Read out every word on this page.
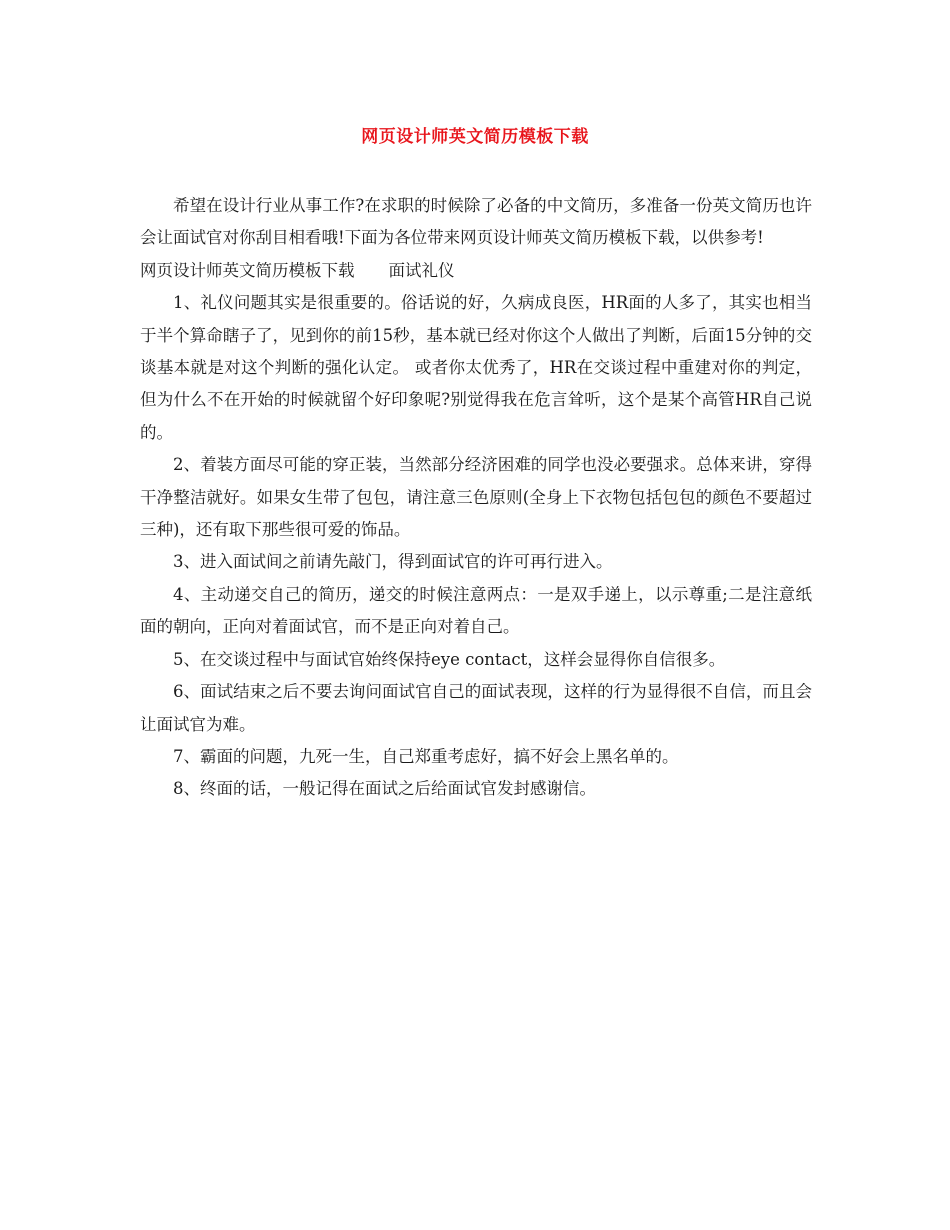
网页设计师英文简历模板下载

希望在设计行业从事工作?在求职的时候除了必备的中文简历，多准备一份英文简历也许会让面试官对你刮目相看哦!下面为各位带来网页设计师英文简历模板下载，以供参考!

网页设计师英文简历模板下载 面试礼仪

1、礼仪问题其实是很重要的。俗话说的好，久病成良医，HR面的人多了，其实也相当于半个算命瞎子了，见到你的前15秒，基本就已经对你这个人做出了判断，后面15分钟的交谈基本就是对这个判断的强化认定。 或者你太优秀了，HR在交谈过程中重建对你的判定，但为什么不在开始的时候就留个好印象呢?别觉得我在危言耸听，这个是某个高管HR自己说的。

2、着装方面尽可能的穿正装，当然部分经济困难的同学也没必要强求。总体来讲，穿得干净整洁就好。如果女生带了包包，请注意三色原则(全身上下衣物包括包包的颜色不要超过三种)，还有取下那些很可爱的饰品。

3、进入面试间之前请先敲门，得到面试官的许可再行进入。

4、主动递交自己的简历，递交的时候注意两点：一是双手递上，以示尊重;二是注意纸面的朝向，正向对着面试官，而不是正向对着自己。

5、在交谈过程中与面试官始终保持eye contact，这样会显得你自信很多。

6、面试结束之后不要去询问面试官自己的面试表现，这样的行为显得很不自信，而且会让面试官为难。

7、霸面的问题，九死一生，自己郑重考虑好，搞不好会上黑名单的。

8、终面的话，一般记得在面试之后给面试官发封感谢信。
